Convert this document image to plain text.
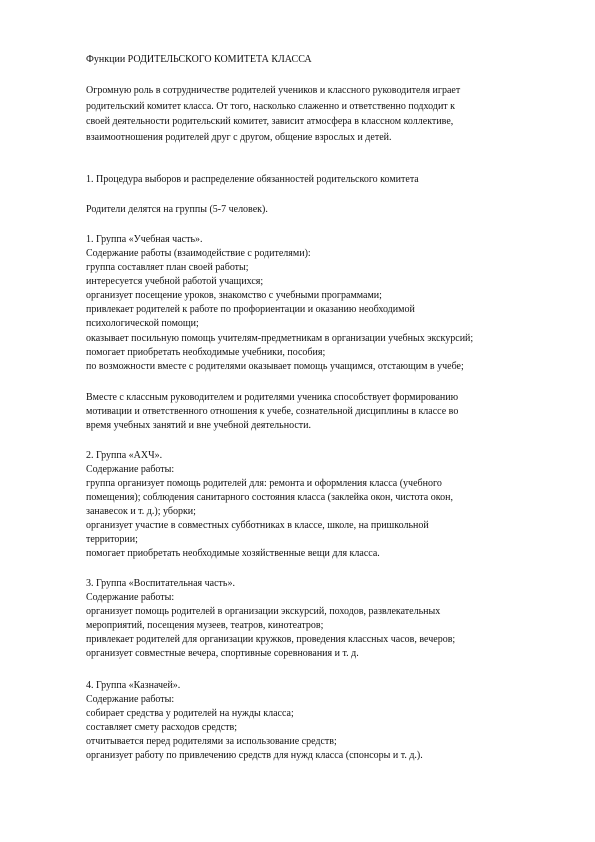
Функции РОДИТЕЛЬСКОГО КОМИТЕТА КЛАССА

Огромную роль в сотрудничестве родителей учеников и классного руководителя играет

родительский комитет класса. От того, насколько слаженно и ответственно подходит к

своей деятельности родительский комитет, зависит атмосфера в классном коллективе,

взаимоотношения родителей друг с другом, общение взрослых и детей.

1. Процедура выборов и распределение обязанностей родительского комитета

Родители делятся на группы (5-7 человек).

1. Группа «Учебная часть».

Содержание работы (взаимодействие с родителями):

группа составляет план своей работы;

интересуется учебной работой учащихся;

организует посещение уроков, знакомство с учебными программами;

привлекает родителей к работе по профориентации и оказанию необходимой

психологической помощи;

оказывает посильную помощь учителям-предметникам в организации учебных экскурсий;

помогает приобретать необходимые учебники, пособия;

по возможности вместе с родителями оказывает помощь учащимся, отстающим в учебе;

Вместе с классным руководителем и родителями ученика способствует формированию

мотивации и ответственного отношения к учебе, сознательной дисциплины в классе во

время учебных занятий и вне учебной деятельности.

2. Группа «АХЧ».

Содержание работы:

группа организует помощь родителей для: ремонта и оформления класса (учебного

помещения); соблюдения санитарного состояния класса (заклейка окон, чистота окон,

занавесок и т. д.); уборки;

организует участие в совместных субботниках в классе, школе, на пришкольной

территории;

помогает приобретать необходимые хозяйственные вещи для класса.

3. Группа «Воспитательная часть».

Содержание работы:

организует помощь родителей в организации экскурсий, походов, развлекательных

мероприятий, посещения музеев, театров, кинотеатров;

привлекает родителей для организации кружков, проведения классных часов, вечеров;

организует совместные вечера, спортивные соревнования и т. д.

4. Группа «Казначей».

Содержание работы:

собирает средства у родителей на нужды класса;

составляет смету расходов средств;

отчитывается перед родителями за использование средств;

организует работу по привлечению средств для нужд класса (спонсоры и т. д.).
